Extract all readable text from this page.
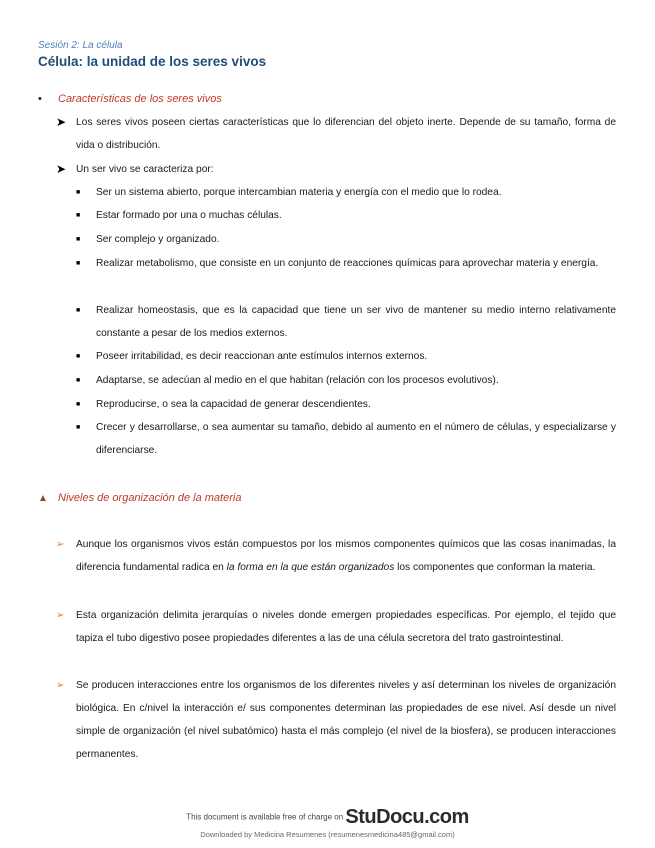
Sesión 2: La célula
Célula: la unidad de los seres vivos
• Características de los seres vivos
➤ Los seres vivos poseen ciertas características que lo diferencian del objeto inerte. Depende de su tamaño, forma de vida o distribución.
➤ Un ser vivo se caracteriza por:
■ Ser un sistema abierto, porque intercambian materia y energía con el medio que lo rodea.
■ Estar formado por una o muchas células.
■ Ser complejo y organizado.
■ Realizar metabolismo, que consiste en un conjunto de reacciones químicas para aprovechar materia y energía.
■ Realizar homeostasis, que es la capacidad que tiene un ser vivo de mantener su medio interno relativamente constante a pesar de los medios externos.
■ Poseer irritabilidad, es decir reaccionan ante estímulos internos externos.
■ Adaptarse, se adecúan al medio en el que habitan (relación con los procesos evolutivos).
■ Reproducirse, o sea la capacidad de generar descendientes.
■ Crecer y desarrollarse, o sea aumentar su tamaño, debido al aumento en el número de células, y especializarse y diferenciarse.
▲ Niveles de organización de la materia
➢ Aunque los organismos vivos están compuestos por los mismos componentes químicos que las cosas inanimadas, la diferencia fundamental radica en la forma en la que están organizados los componentes que conforman la materia.
➢ Esta organización delimita jerarquías o niveles donde emergen propiedades específicas. Por ejemplo, el tejido que tapiza el tubo digestivo posee propiedades diferentes a las de una célula secretora del trato gastrointestinal.
➢ Se producen interacciones entre los organismos de los diferentes niveles y así determinan los niveles de organización biológica. En c/nivel la interacción e/ sus componentes determinan las propiedades de ese nivel. Así desde un nivel simple de organización (el nivel subatómico) hasta el más complejo (el nivel de la biosfera), se producen interacciones permanentes.
This document is available free of charge on StuDocu.com
Downloaded by Medicina Resumenes (resumenesmedicina485@gmail.com)
